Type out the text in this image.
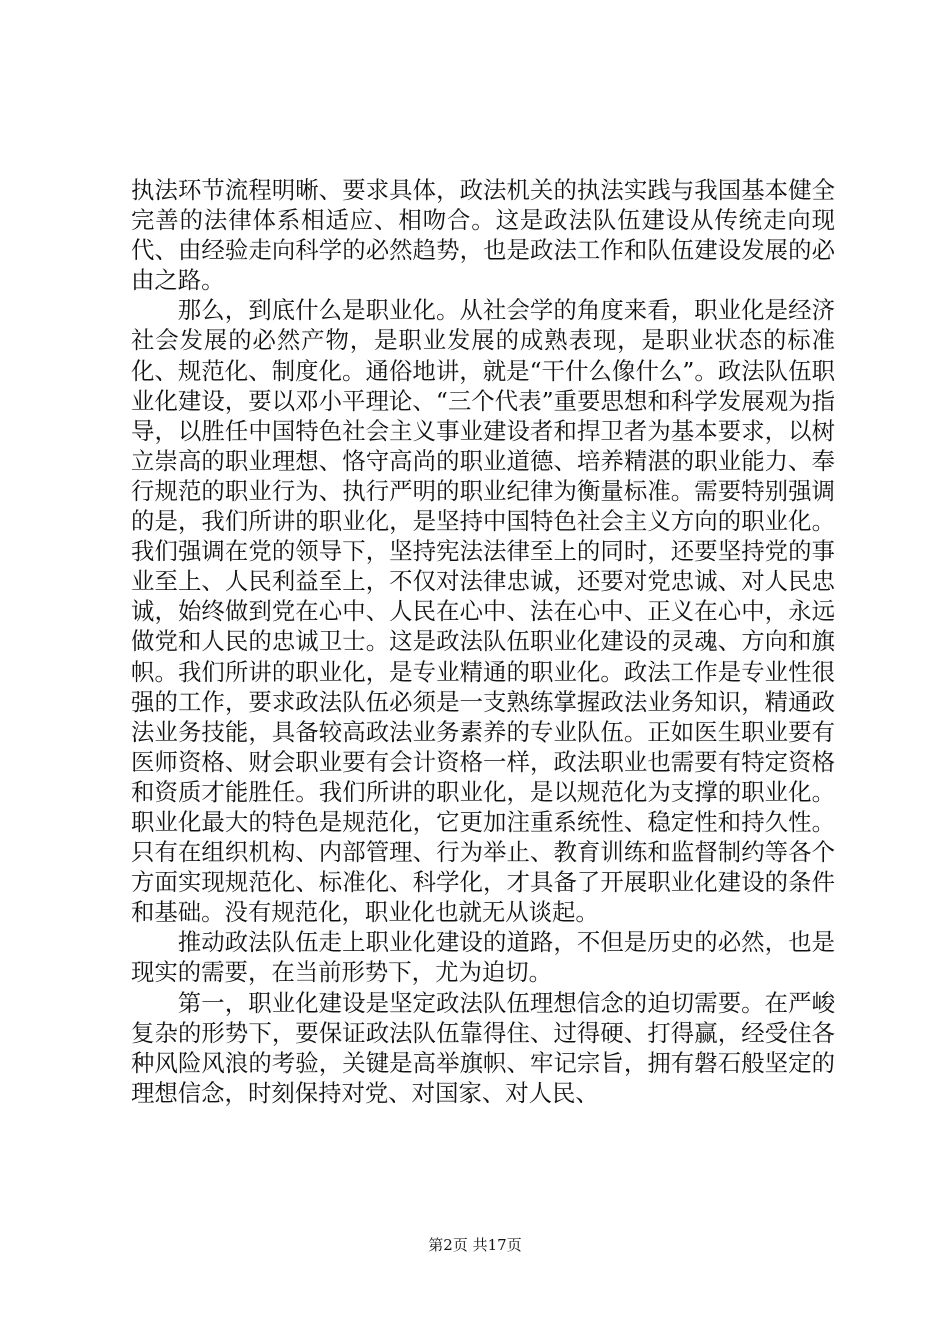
执法环节流程明晰、要求具体，政法机关的执法实践与我国基本健全完善的法律体系相适应、相吻合。这是政法队伍建设从传统走向现代、由经验走向科学的必然趋势，也是政法工作和队伍建设发展的必由之路。

那么，到底什么是职业化。从社会学的角度来看，职业化是经济社会发展的必然产物，是职业发展的成熟表现，是职业状态的标准化、规范化、制度化。通俗地讲，就是“干什么像什么”。政法队伍职业化建设，要以邓小平理论、“三个代表”重要思想和科学发展观为指导，以胜任中国特色社会主义事业建设者和捍卫者为基本要求，以树立崇高的职业理想、恪守高尚的职业道德、培养精湛的职业能力、奉行规范的职业行为、执行严明的职业纪律为衡量标准。需要特别强调的是，我们所讲的职业化，是坚持中国特色社会主义方向的职业化。我们强调在党的领导下，坚持宪法法律至上的同时，还要坚持党的事业至上、人民利益至上，不仅对法律忠诚，还要对党忠诚、对人民忠诚，始终做到党在心中、人民在心中、法在心中、正义在心中，永远做党和人民的忠诚卫士。这是政法队伍职业化建设的灵魂、方向和旗帜。我们所讲的职业化，是专业精通的职业化。政法工作是专业性很强的工作，要求政法队伍必须是一支熟练掌握政法业务知识，精通政法业务技能，具备较高政法业务素养的专业队伍。正如医生职业要有医师资格、财会职业要有会计资格一样，政法职业也需要有特定资格和资质才能胜任。我们所讲的职业化，是以规范化为支撑的职业化。职业化最大的特色是规范化，它更加注重系统性、稳定性和持久性。只有在组织机构、内部管理、行为举止、教育训练和监督制约等各个方面实现规范化、标准化、科学化，才具备了开展职业化建设的条件和基础。没有规范化，职业化也就无从谈起。

推动政法队伍走上职业化建设的道路，不但是历史的必然，也是现实的需要，在当前形势下，尤为迫切。

第一，职业化建设是坚定政法队伍理想信念的迫切需要。在严峻复杂的形势下，要保证政法队伍靠得住、过得硬、打得赢，经受住各种风险风浪的考验，关键是高举旗帜、牢记宗旨，拥有磐石般坚定的理想信念，时刻保持对党、对国家、对人民、

第2页 共17页
